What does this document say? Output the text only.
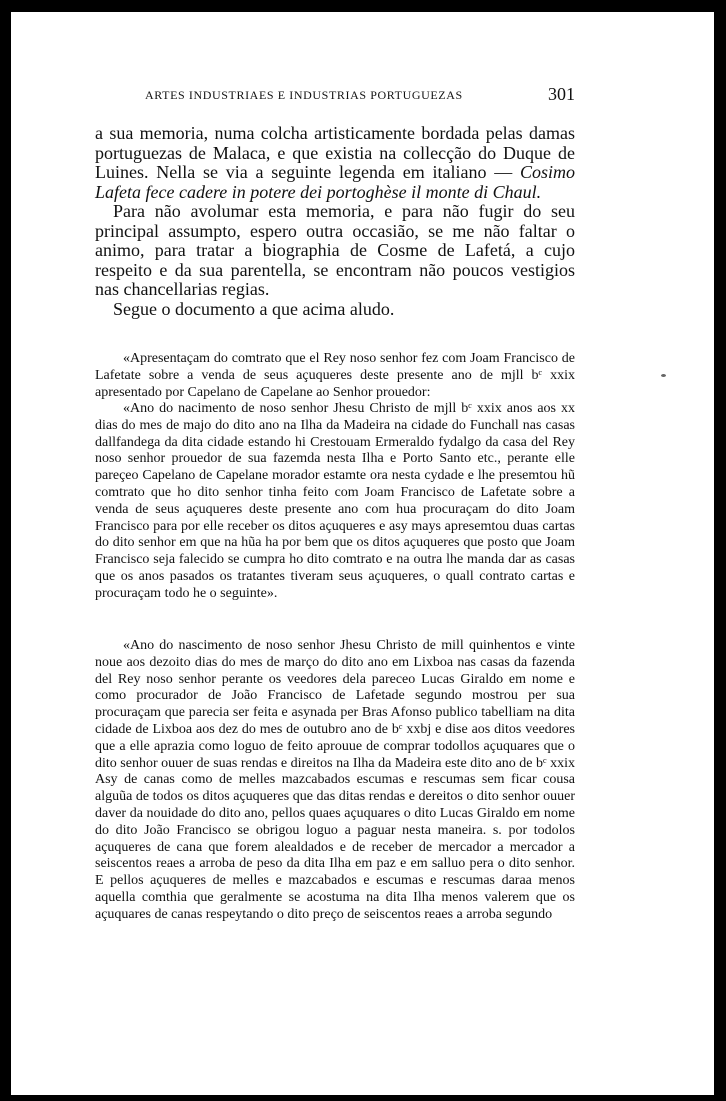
ARTES INDUSTRIAES E INDUSTRIAS PORTUGUEZAS	301

a sua memoria, numa colcha artisticamente bordada pelas damas portuguezas de Malaca, e que existia na collecção do Duque de Luines. Nella se via a seguinte legenda em italiano — Cosimo Lafeta fece cadere in potere dei portoghèse il monte di Chaul.

Para não avolumar esta memoria, e para não fugir do seu principal assumpto, espero outra occasião, se me não faltar o animo, para tratar a biographia de Cosme de Lafetá, a cujo respeito e da sua parentella, se encontram não poucos vestigios nas chancellarias regias.

Segue o documento a que acima aludo.

«Apresentaçam do comtrato que el Rey noso senhor fez com Joam Francisco de Lafetate sobre a venda de seus açuqueres deste presente ano de mjll bᶜ xxix apresentado por Capelano de Capelane ao Senhor prouedor:

«Ano do nacimento de noso senhor Jhesu Christo de mjll bᶜ xxix anos aos xx dias do mes de majo do dito ano na Ilha da Madeira na cidade do Funchall nas casas dallfandega da dita cidade estando hi Crestouam Ermeraldo fydalgo da casa del Rey noso senhor prouedor de sua fazemda nesta Ilha e Porto Santo etc., perante elle pareçeo Capelano de Capelane morador estamte ora nesta cydade e lhe presemtou hũ comtrato que ho dito senhor tinha feito com Joam Francisco de Lafetate sobre a venda de seus açuqueres deste presente ano com hua procuraçam do dito Joam Francisco para por elle receber os ditos açuqueres e asy mays apresemtou duas cartas do dito senhor em que na hũa ha por bem que os ditos açuqueres que posto que Joam Francisco seja falecido se cumpra ho dito comtrato e na outra lhe manda dar as casas que os anos pasados os tratantes tiveram seus açuqueres, o quall contrato cartas e procuraçam todo he o seguinte».

«Ano do nascimento de noso senhor Jhesu Christo de mill quinhentos e vinte noue aos dezoito dias do mes de março do dito ano em Lixboa nas casas da fazenda del Rey noso senhor perante os veedores dela pareceo Lucas Giraldo em nome e como procurador de João Francisco de Lafetade segundo mostrou per sua procuraçam que parecia ser feita e asynada per Bras Afonso publico tabelliam na dita cidade de Lixboa aos dez do mes de outubro ano de bᶜ xxbj e dise aos ditos veedores que a elle aprazia como loguo de feito aprouue de comprar todollos açuquares que o dito senhor ouuer de suas rendas e direitos na Ilha da Madeira este dito ano de bᶜ xxix Asy de canas como de melles mazcabados escumas e rescumas sem ficar cousa alguũa de todos os ditos açuqueres que das ditas rendas e dereitos o dito senhor ouuer daver da nouidade do dito ano, pellos quaes açuquares o dito Lucas Giraldo em nome do dito João Francisco se obrigou loguo a paguar nesta maneira. s. por todolos açuqueres de cana que forem alealdados e de receber de mercador a mercador a seiscentos reaes a arroba de peso da dita Ilha em paz e em salluo pera o dito senhor. E pellos açuqueres de melles e mazcabados e escumas e rescumas daraa menos aquella comthia que geralmente se acostuma na dita Ilha menos valerem que os açuquares de canas respeytando o dito preço de seiscentos reaes a arroba segundo
